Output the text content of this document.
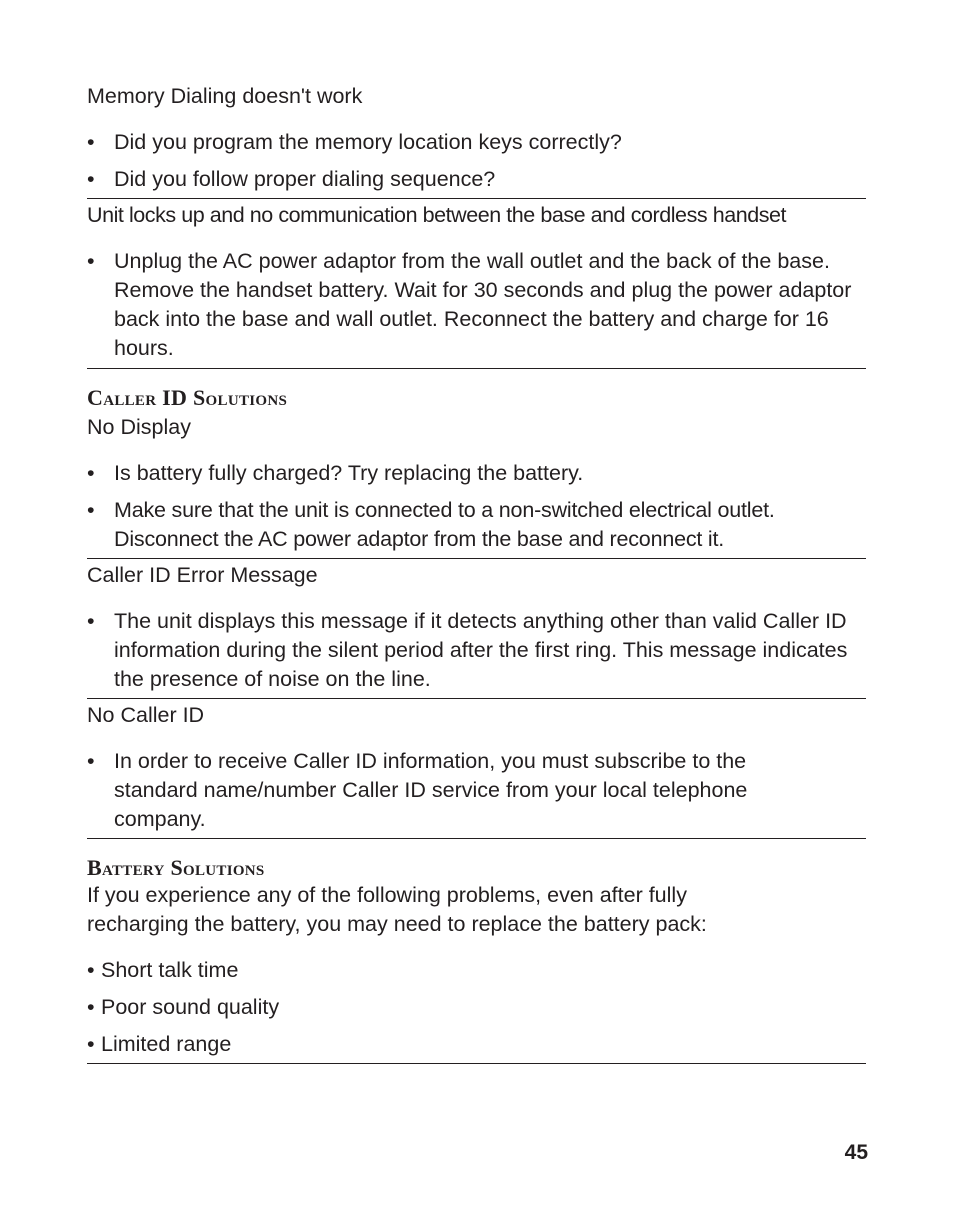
Memory Dialing doesn't work
• Did you program the memory location keys correctly?
• Did you follow proper dialing sequence?
Unit locks up and no communication between the base and cordless handset
• Unplug the AC power adaptor from the wall outlet and the back of the base. Remove the handset battery. Wait for 30 seconds and plug the power adaptor back into the base and wall outlet. Reconnect the battery and charge for 16 hours.
Caller ID Solutions
No Display
• Is battery fully charged? Try replacing the battery.
• Make sure that the unit is connected to a non-switched electrical outlet. Disconnect the AC power adaptor from the base and reconnect it.
Caller ID Error Message
• The unit displays this message if it detects anything other than valid Caller ID information during the silent period after the first ring. This message indicates the presence of noise on the line.
No Caller ID
• In order to receive Caller ID information, you must subscribe to the standard name/number Caller ID service from your local telephone company.
Battery Solutions

If you experience any of the following problems, even after fully recharging the battery, you may need to replace the battery pack:

• Short talk time
• Poor sound quality
• Limited range
45
